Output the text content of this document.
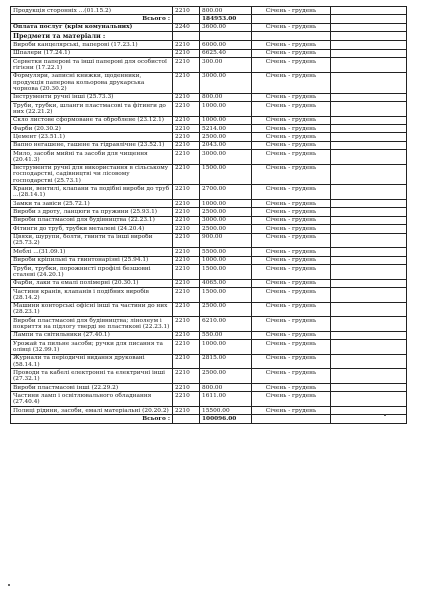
Продукція сторонніх ...(01.15.2)	2210	800.00	Січень - грудень	
Всього :		184953.00		
Оплата послуг (крім комунальних)	2240	3600.00	Січень - грудень	
Предмети та матеріали :				
Вироби канцелярські, паперові (17.23.1)	2210	6000.00	Січень - грудень	
Шпалери (17.24.1)	2210	6625.40	Січень - грудень	
Серветки паперові та інші паперові для особистої гігієни (17.22.1)	2210	300.00	Січень - грудень	
Формуляри, записні книжки, щоденники, продукція паперова кольорова друкарська чорнова (20.30.2)	2210	3000.00	Січень - грудень	
Інструменти ручні інші (25.73.3)	2210	800.00	Січень - грудень	
Труби, трубки, шланги пластмасові та фітинги до них (22.21.2)	2210	1000.00	Січень - грудень	
Скло листове сформоване та оброблене (23.12.1)	2210	1000.00	Січень - грудень	
Фарби (20.30.2)	2210	5214.00	Січень - грудень	
Цемент (23.51.1)	2210	2500.00	Січень - грудень	
Вапно негашене, гашене та гідравлічне (23.52.1)	2210	2043.00	Січень - грудень	
Мило, засоби мийні та засоби для чищення (20.41.3)	2210	3000.00	Січень - грудень	
Інструменти ручні для використання в сільському господарстві, садівництві чи лісовому господарстві (25.73.1)	2210	1500.00	Січень - грудень	
Крани, вентилі, клапани та подібні вироби до труб ...(28.14.1)	2210	2700.00	Січень - грудень	
Замки та завіси (25.72.1)	2210	1000.00	Січень - грудень	
Вироби з дроту, ланцюги та пружини (25.93.1)	2210	2500.00	Січень - грудень	
Вироби пластмасові для будівництва (22.23.1)	2210	3000.00	Січень - грудень	
Фітинги до труб, трубки металеві (24.20.4)	2210	2500.00	Січень - грудень	
Цвяхи, шурупи, болти, гвинти та інші вироби (25.73.2)	2210	900.00	Січень - грудень	
Меблі ...(31.09.1)	2210	5500.00	Січень - грудень	
Вироби кріпильні та гвинтонарізні (25.94.1)	2210	1000.00	Січень - грудень	
Труби, трубки, порожнисті профілі безшовні сталеві (24.20.1)	2210	1500.00	Січень - грудень	
Фарби, лаки та емалі полімерні (20.30.1)	2210	4065.00	Січень - грудень	
Частини кранів, клапанів і подібних виробів (28.14.2)	2210	1500.00	Січень - грудень	
Машини конторські офісні інші та частини до них (28.23.1)	2210	2500.00	Січень - грудень	
Вироби пластмасові для будівництва; лінолеум і покриття на підлогу тверді не пластикові (22.23.1)	2210	6210.00	Січень - грудень	
Лампи та світильники (27.40.1)	2210	550.00	Січень - грудень	
Урожай та пильне засоби; ручки для писання та олівці (32.99.1)	2210	1000.00	Січень - грудень	
Журнали та періодичні видання друковані (58.14.1)	2210	2815.00	Січень - грудень	
Проводи та кабелі електронні та електричні інші (27.32.1)	2210	2500.00	Січень - грудень	
Вироби пластмасові інші (22.29.2)	2210	800.00	Січень - грудень	
Частини ламп і освітлювального обладнання (27.40.4)	2210	1611.00	Січень - грудень	
Полиці рідини, засоби, емалі матеріальні (20.20.2)	2210	15500.00	Січень - грудень	
Всього :		100096.00		
